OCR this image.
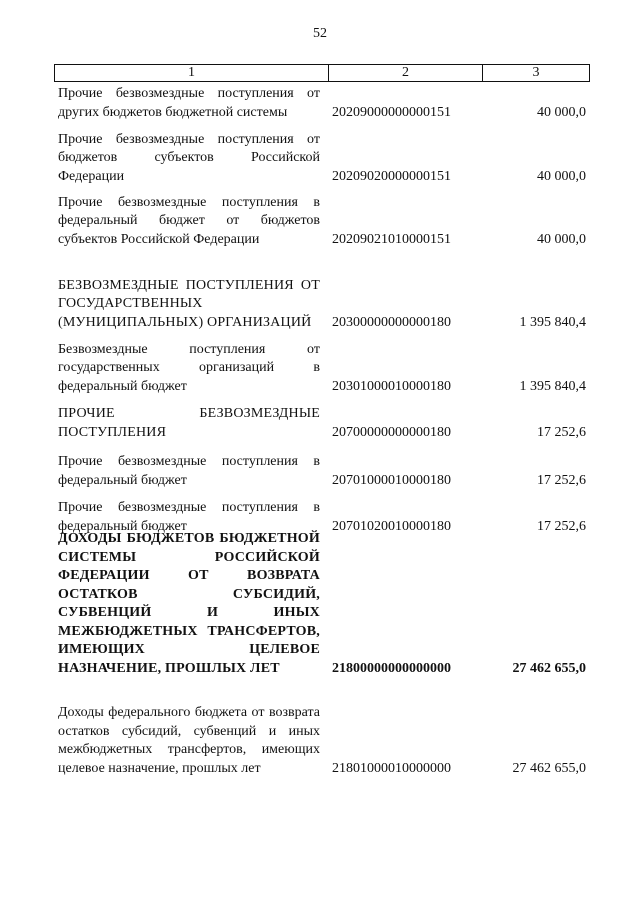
52
1	2	3
Прочие безвозмездные поступления от других бюджетов бюджетной системы	20209000000000151	40 000,0
Прочие безвозмездные поступления от бюджетов субъектов Российской Федерации	20209020000000151	40 000,0
Прочие безвозмездные поступления в федеральный бюджет от бюджетов субъектов Российской Федерации	20209021010000151	40 000,0
БЕЗВОЗМЕЗДНЫЕ ПОСТУПЛЕНИЯ ОТ ГОСУДАРСТВЕННЫХ (МУНИЦИПАЛЬНЫХ) ОРГАНИЗАЦИЙ	20300000000000180	1 395 840,4
Безвозмездные поступления от государственных организаций в федеральный бюджет	20301000010000180	1 395 840,4
ПРОЧИЕ БЕЗВОЗМЕЗДНЫЕ ПОСТУПЛЕНИЯ	20700000000000180	17 252,6
Прочие безвозмездные поступления в федеральный бюджет	20701000010000180	17 252,6
Прочие безвозмездные поступления в федеральный бюджет	20701020010000180	17 252,6
ДОХОДЫ БЮДЖЕТОВ БЮДЖЕТНОЙ СИСТЕМЫ РОССИЙСКОЙ ФЕДЕРАЦИИ ОТ ВОЗВРАТА ОСТАТКОВ СУБСИДИЙ, СУБВЕНЦИЙ И ИНЫХ МЕЖБЮДЖЕТНЫХ ТРАНСФЕРТОВ, ИМЕЮЩИХ ЦЕЛЕВОЕ НАЗНАЧЕНИЕ, ПРОШЛЫХ ЛЕТ	21800000000000000	27 462 655,0
Доходы федерального бюджета от возврата остатков субсидий, субвенций и иных межбюджетных трансфертов, имеющих целевое назначение, прошлых лет	21801000010000000	27 462 655,0
